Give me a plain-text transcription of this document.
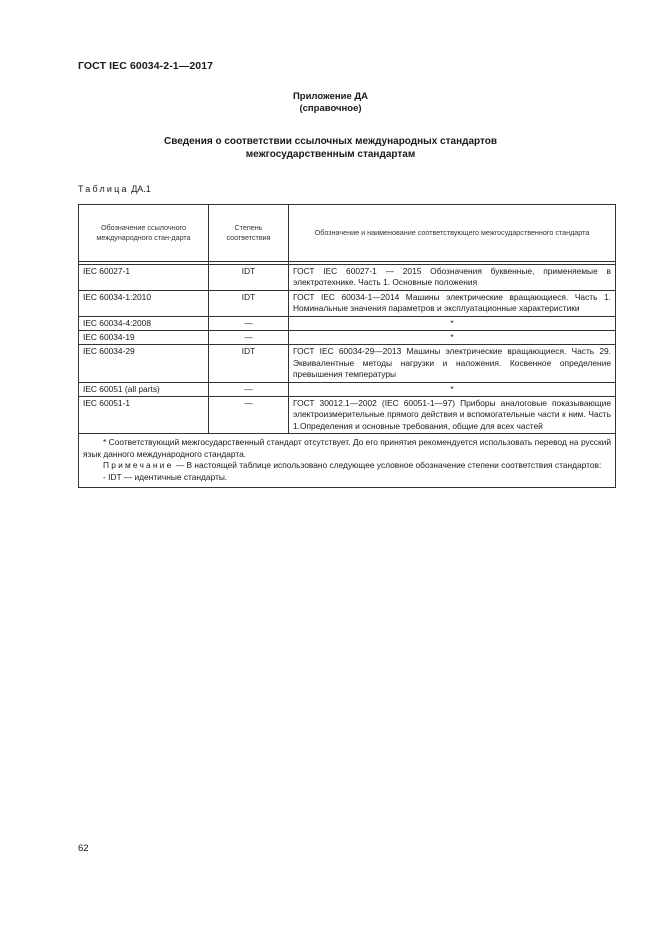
ГОСТ IEC 60034-2-1—2017
Приложение ДА
(справочное)
Сведения о соответствии ссылочных международных стандартов
межгосударственным стандартам
Таблица ДА.1
Обозначение ссылочного международного стан-дарта	Степень соответствия	Обозначение и наименование соответствующего межгосударственного стандарта

IEC 60027-1	IDT	ГОСТ IEC 60027-1 — 2015 Обозначения буквенные, применяемые в электротехнике. Часть 1. Основные положения
IEC 60034-1:2010	IDT	ГОСТ IEC 60034-1—2014 Машины электрические вращающиеся. Часть 1. Номинальные значения параметров и эксплуатационные характеристики
IEC 60034-4:2008	—	*
IEC 60034-19	—	*
IEC 60034-29	IDT	ГОСТ IEC 60034-29—2013 Машины электрические вращающиеся. Часть 29. Эквивалентные методы нагрузки и наложения. Косвенное определение превышения температуры
IEC 60051 (all parts)	—	*
IEC 60051-1	—	ГОСТ 30012.1—2002 (IEC 60051-1—97) Приборы аналоговые показывающие электроизмерительные прямого действия и вспомогательные части к ним. Часть 1.Определения и основные требования, общие для всех частей

* Соответствующий межгосударственный стандарт отсутствует. До его принятия рекомендуется использовать перевод на русский язык данного международного стандарта.

Примечание — В настоящей таблице использовано следующее условное обозначение степени соответствия стандартов:

- IDT — идентичные стандарты.		

62
